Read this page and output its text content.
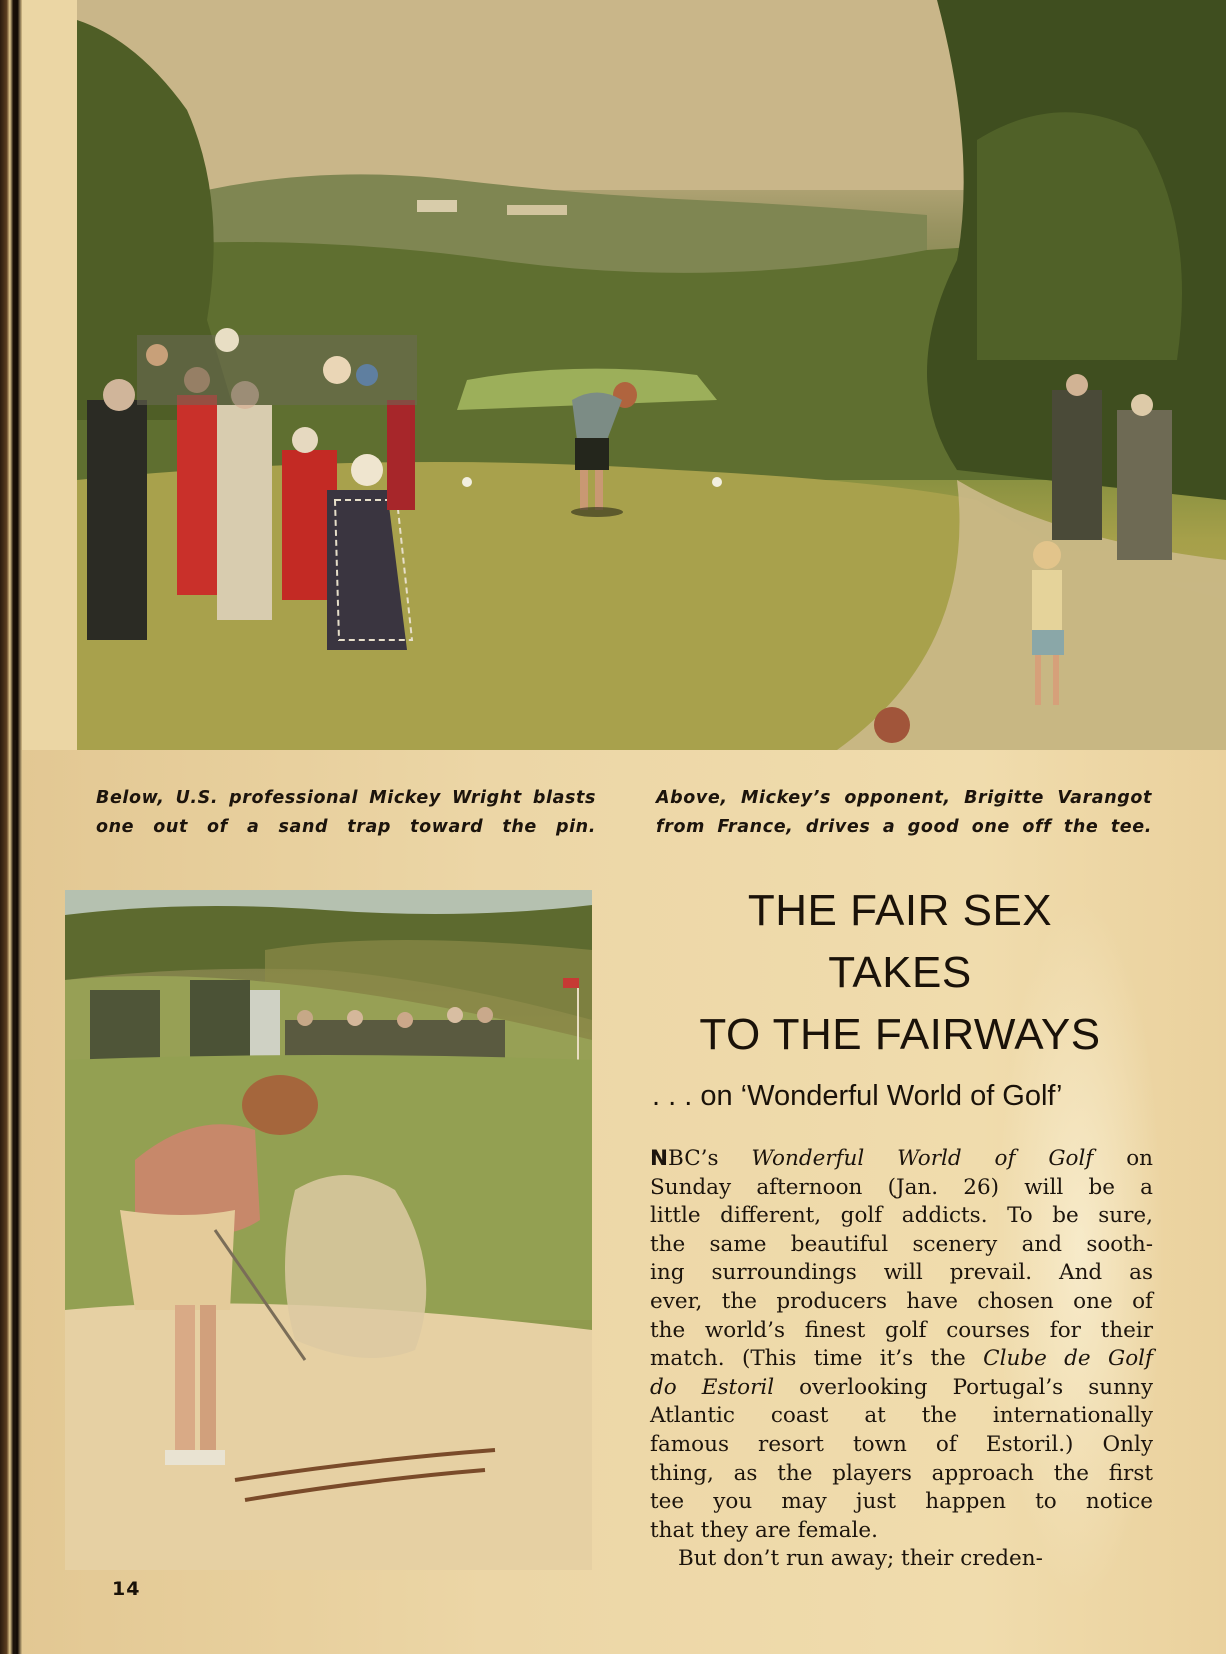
Below, U.S. professional Mickey Wright blasts
one out of a sand trap toward the pin.
Above, Mickey’s opponent, Brigitte Varangot
from France, drives a good one off the tee.
THE FAIR SEX
TAKES
TO THE FAIRWAYS
. . . on ‘Wonderful World of Golf’
NBC’s Wonderful World of Golf on
Sunday afternoon (Jan. 26) will be a
little different, golf addicts. To be sure,
the same beautiful scenery and sooth-
ing surroundings will prevail. And as
ever, the producers have chosen one of
the world’s finest golf courses for their
match. (This time it’s the Clube de Golf
do Estoril overlooking Portugal’s sunny
Atlantic coast at the internationally
famous resort town of Estoril.) Only
thing, as the players approach the first
tee you may just happen to notice
that they are female.
But don’t run away; their creden-
14
